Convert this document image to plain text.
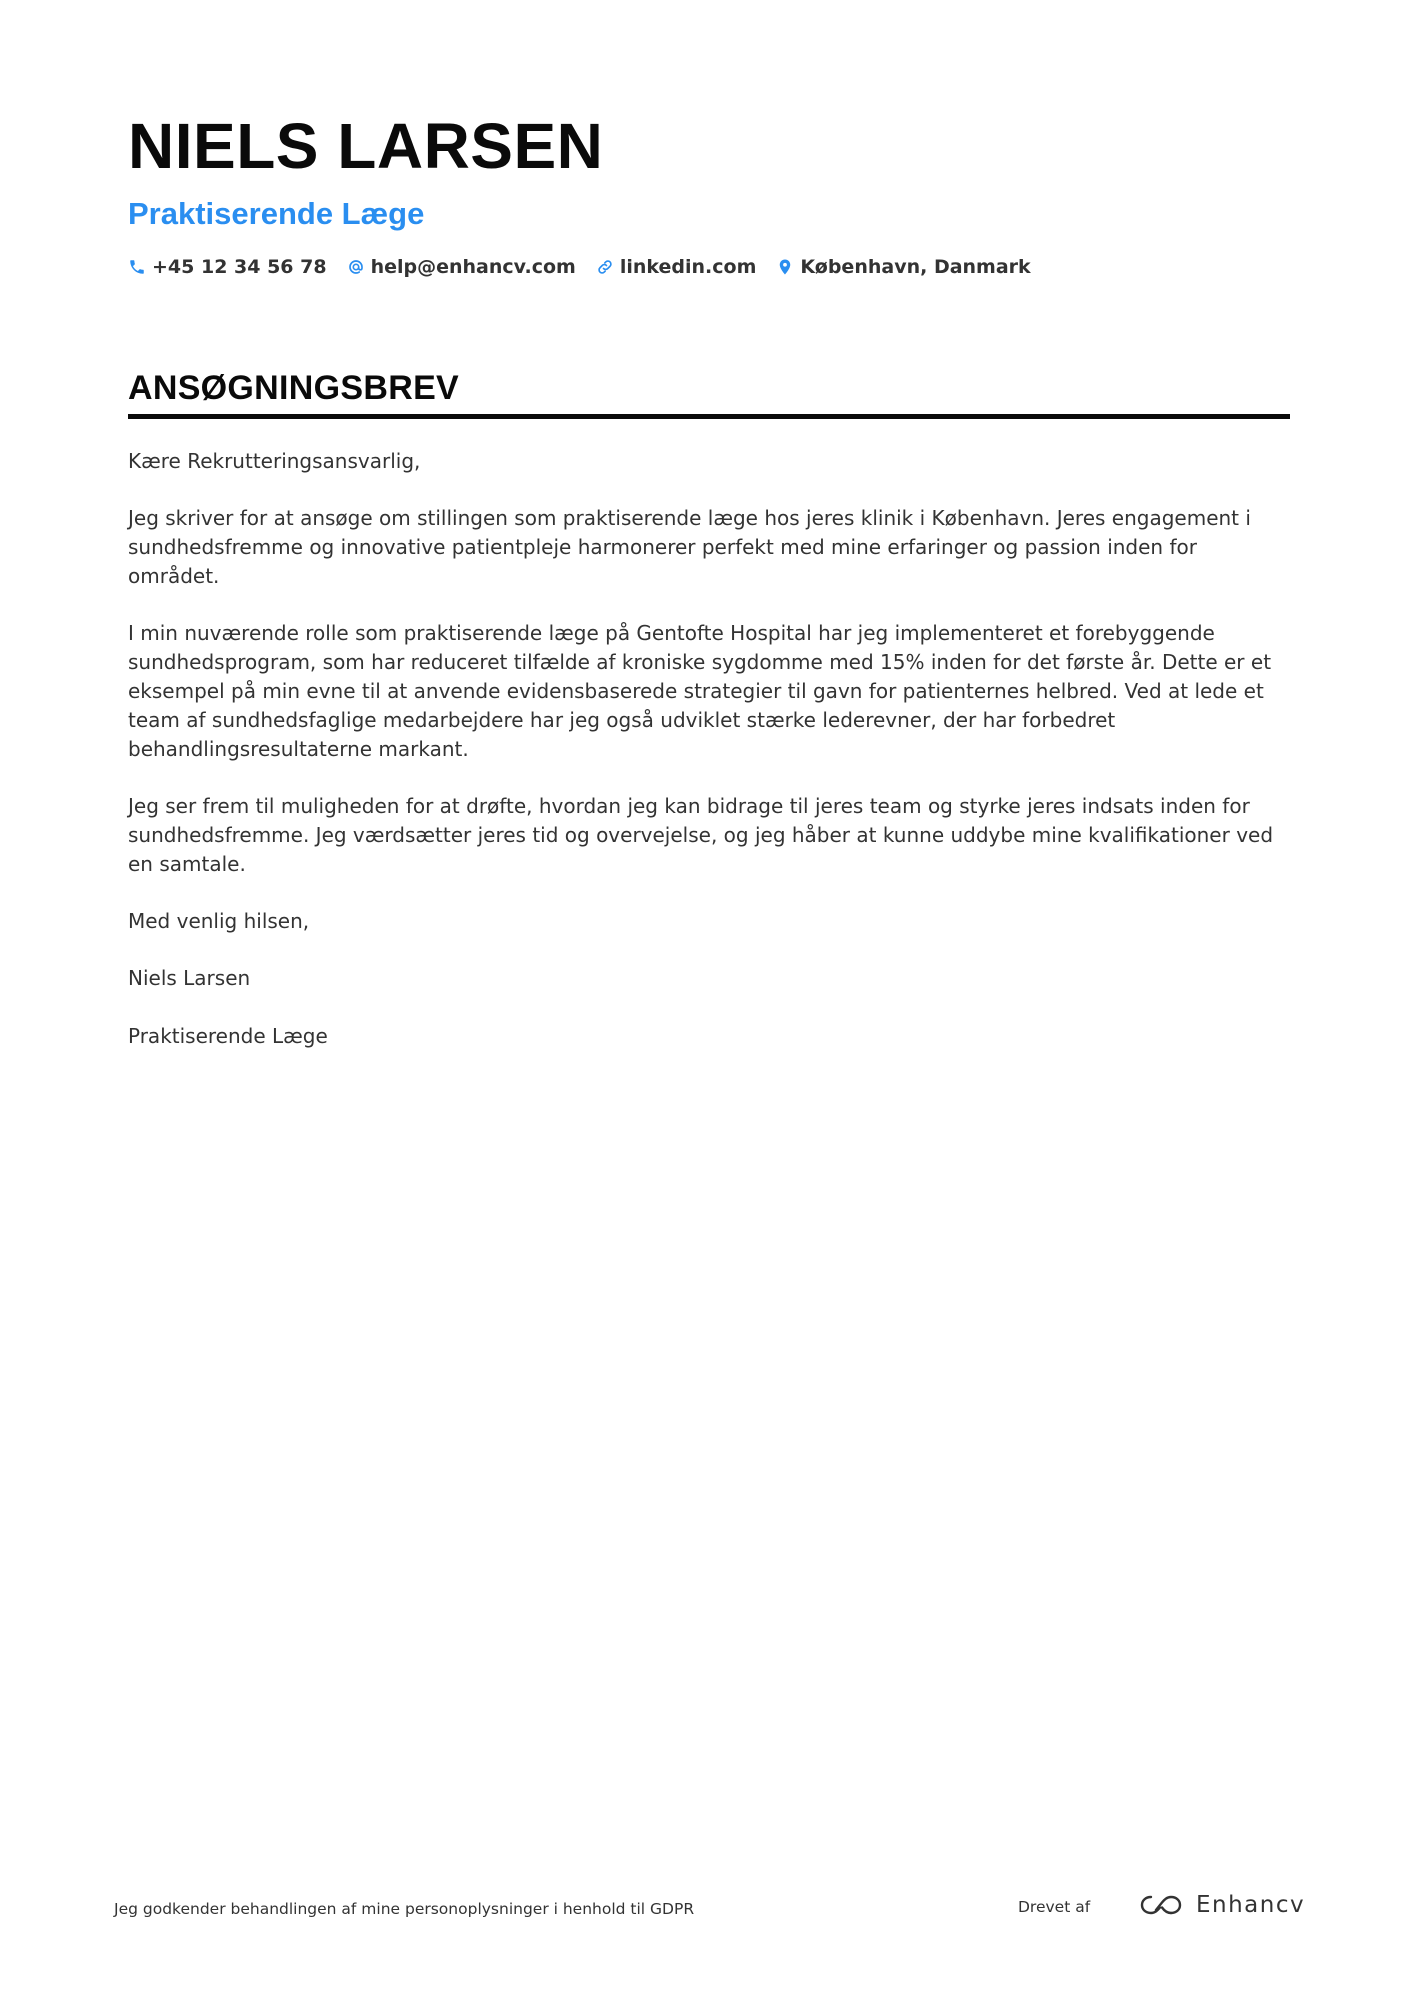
NIELS LARSEN
Praktiserende Læge
+45 12 34 56 78 help@enhancv.com linkedin.com København, Danmark
ANSØGNINGSBREV

Kære Rekrutteringsansvarlig,

Jeg skriver for at ansøge om stillingen som praktiserende læge hos jeres klinik i København. Jeres engagement i sundhedsfremme og innovative patientpleje harmonerer perfekt med mine erfaringer og passion inden for området.

I min nuværende rolle som praktiserende læge på Gentofte Hospital har jeg implementeret et forebyggende sundhedsprogram, som har reduceret tilfælde af kroniske sygdomme med 15% inden for det første år. Dette er et eksempel på min evne til at anvende evidensbaserede strategier til gavn for patienternes helbred. Ved at lede et team af sundhedsfaglige medarbejdere har jeg også udviklet stærke lederevner, der har forbedret behandlingsresultaterne markant.

Jeg ser frem til muligheden for at drøfte, hvordan jeg kan bidrage til jeres team og styrke jeres indsats inden for sundhedsfremme. Jeg værdsætter jeres tid og overvejelse, og jeg håber at kunne uddybe mine kvalifikationer ved en samtale.

Med venlig hilsen,

Niels Larsen

Praktiserende Læge

Jeg godkender behandlingen af mine personoplysninger i henhold til GDPR	Drevet af	Enhancv
